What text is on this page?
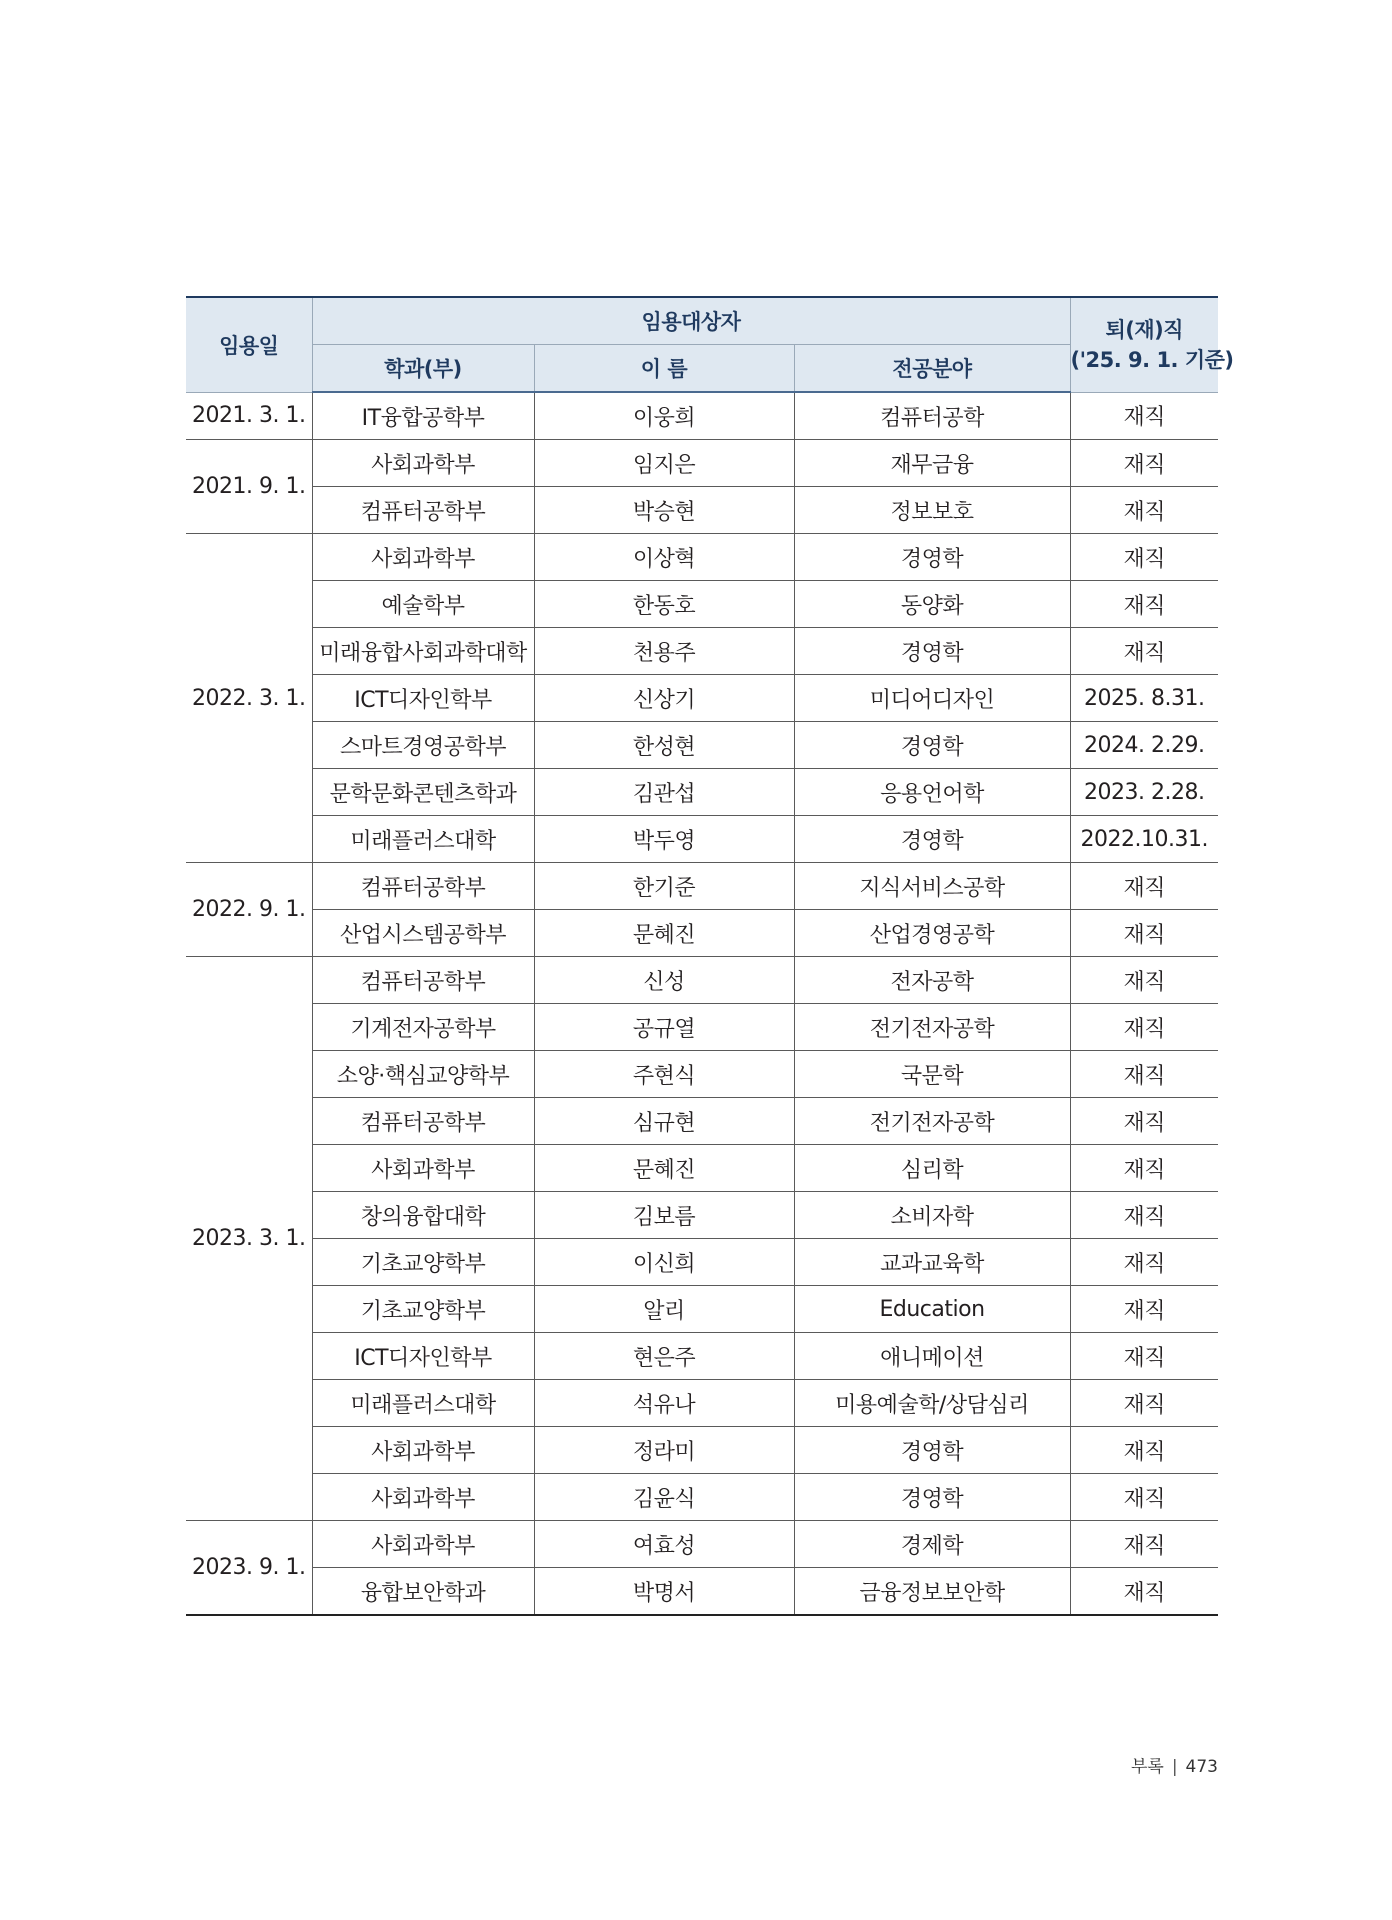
임용일	임용대상자			퇴(재)직
('25. 9. 1. 기준)
	학과(부)	이 름	전공분야	
2021. 3. 1.	IT융합공학부	이웅희	컴퓨터공학	재직
2021. 9. 1.	사회과학부	임지은	재무금융	재직
	컴퓨터공학부	박승현	정보보호	재직
2022. 3. 1.	사회과학부	이상혁	경영학	재직
	예술학부	한동호	동양화	재직
	미래융합사회과학대학	천용주	경영학	재직
	ICT디자인학부	신상기	미디어디자인	2025. 8.31.
	스마트경영공학부	한성현	경영학	2024. 2.29.
	문학문화콘텐츠학과	김관섭	응용언어학	2023. 2.28.
	미래플러스대학	박두영	경영학	2022.10.31.
2022. 9. 1.	컴퓨터공학부	한기준	지식서비스공학	재직
	산업시스템공학부	문혜진	산업경영공학	재직
2023. 3. 1.	컴퓨터공학부	신성	전자공학	재직
	기계전자공학부	공규열	전기전자공학	재직
	소양·핵심교양학부	주현식	국문학	재직
	컴퓨터공학부	심규현	전기전자공학	재직
	사회과학부	문혜진	심리학	재직
	창의융합대학	김보름	소비자학	재직
	기초교양학부	이신희	교과교육학	재직
	기초교양학부	알리	Education	재직
	ICT디자인학부	현은주	애니메이션	재직
	미래플러스대학	석유나	미용예술학/상담심리	재직
	사회과학부	정라미	경영학	재직
	사회과학부	김윤식	경영학	재직
2023. 9. 1.	사회과학부	여효성	경제학	재직
	융합보안학과	박명서	금융정보보안학	재직
부록 | 473
